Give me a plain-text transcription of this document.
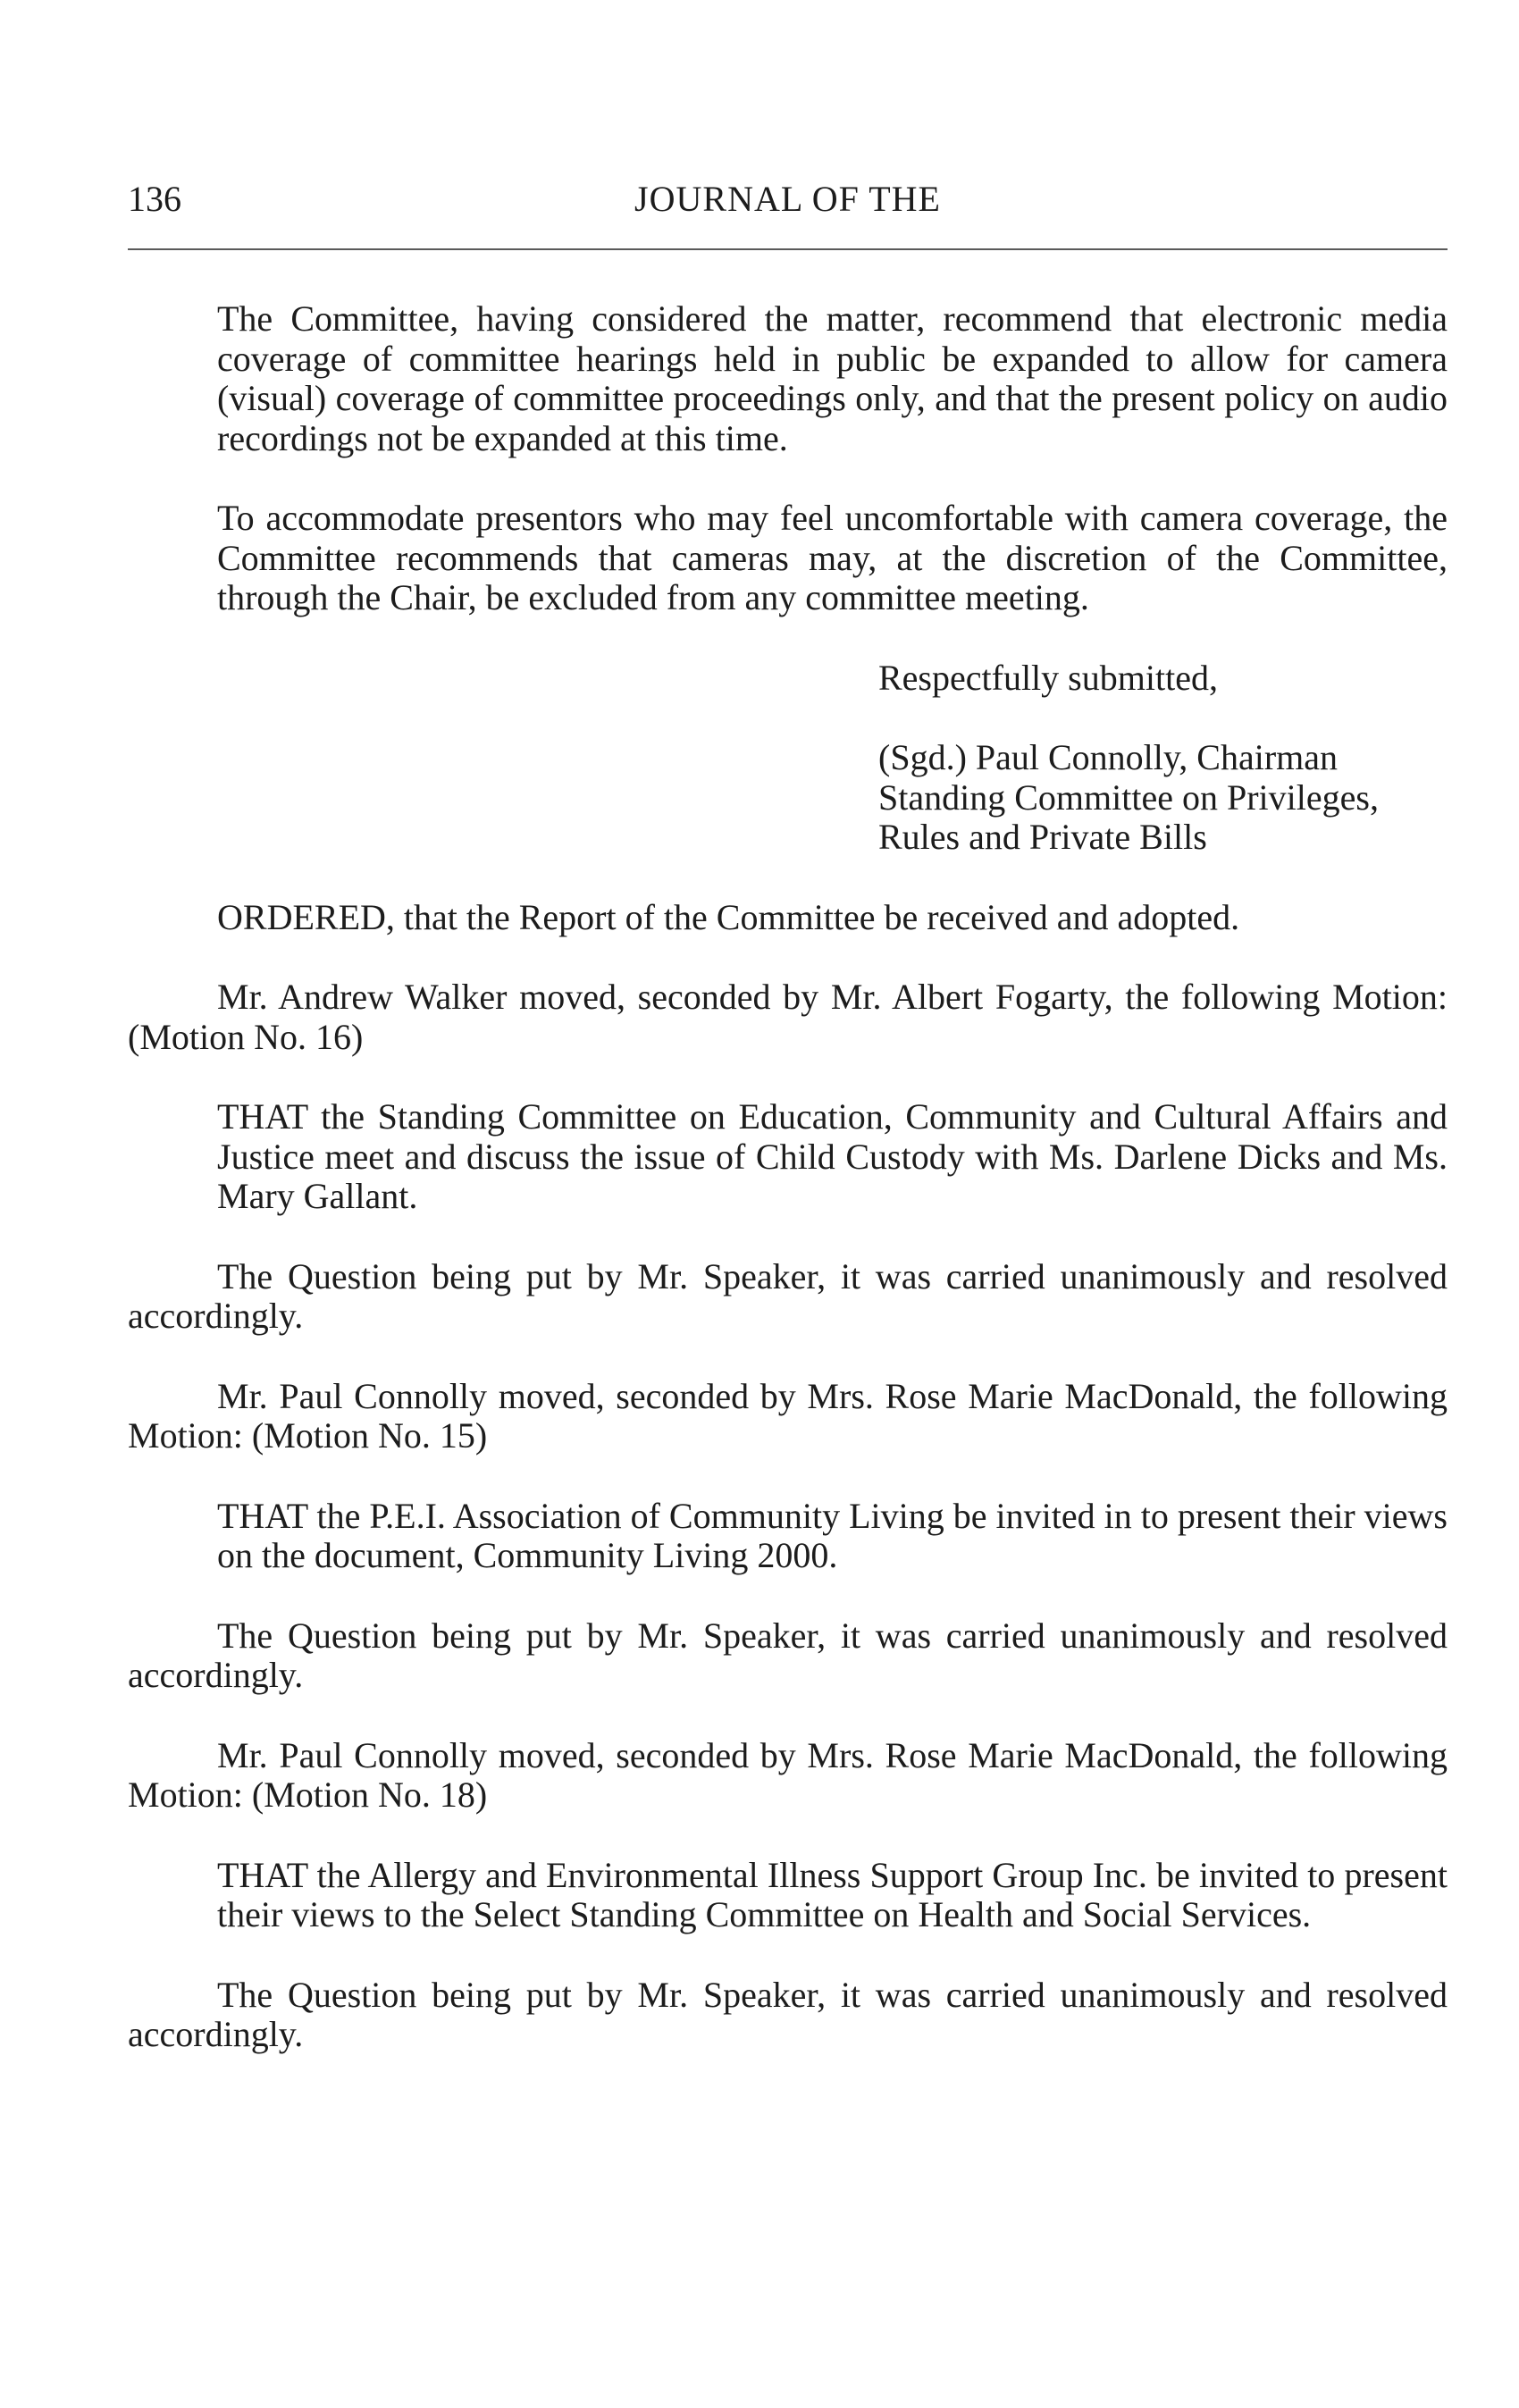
136	JOURNAL OF THE

The Committee, having considered the matter, recommend that electronic media coverage of committee hearings held in public be expanded to allow for camera (visual) coverage of committee proceedings only, and that the present policy on audio recordings not be expanded at this time.

To accommodate presentors who may feel uncomfortable with camera coverage, the Committee recommends that cameras may, at the discretion of the Committee, through the Chair, be excluded from any committee meeting.

Respectfully submitted,

(Sgd.) Paul Connolly, Chairman
Standing Committee on Privileges,
Rules and Private Bills

ORDERED, that the Report of the Committee be received and adopted.

Mr. Andrew Walker moved, seconded by Mr. Albert Fogarty, the following Motion: (Motion No. 16)

THAT the Standing Committee on Education, Community and Cultural Affairs and Justice meet and discuss the issue of Child Custody with Ms. Darlene Dicks and Ms. Mary Gallant.

The Question being put by Mr. Speaker, it was carried unanimously and resolved accordingly.

Mr. Paul Connolly moved, seconded by Mrs. Rose Marie MacDonald, the following Motion: (Motion No. 15)

THAT the P.E.I. Association of Community Living be invited in to present their views on the document, Community Living 2000.

The Question being put by Mr. Speaker, it was carried unanimously and resolved accordingly.

Mr. Paul Connolly moved, seconded by Mrs. Rose Marie MacDonald, the following Motion: (Motion No. 18)

THAT the Allergy and Environmental Illness Support Group Inc. be invited to present their views to the Select Standing Committee on Health and Social Services.

The Question being put by Mr. Speaker, it was carried unanimously and resolved accordingly.
